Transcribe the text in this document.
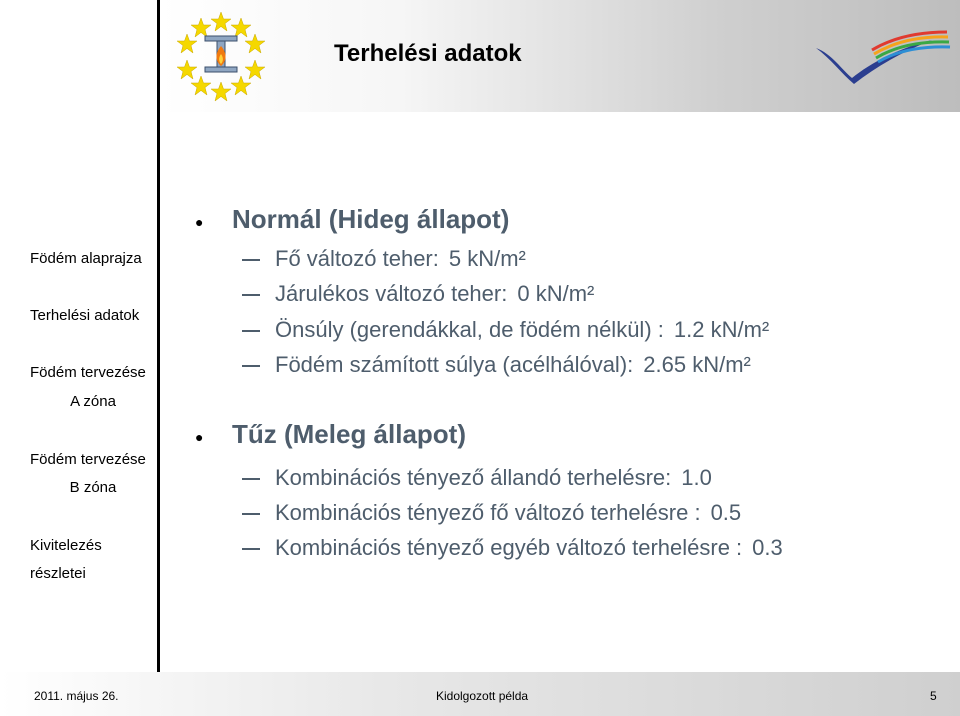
Terhelési adatok
Födém alaprajza
Terhelési adatok
Födém tervezése
A zóna
Födém tervezése
B zóna
Kivitelezés
részletei
● Normál (Hideg állapot)
Fő változó teher: 5 kN/m²
Járulékos változó teher: 0 kN/m²
Önsúly (gerendákkal, de födém nélkül) : 1.2 kN/m²
Födém számított súlya (acélhálóval): 2.65 kN/m²
● Tűz (Meleg állapot)
Kombinációs tényező állandó terhelésre: 1.0
Kombinációs tényező fő változó terhelésre : 0.5
Kombinációs tényező egyéb változó terhelésre : 0.3
2011. május 26.	Kidolgozott példa	5
